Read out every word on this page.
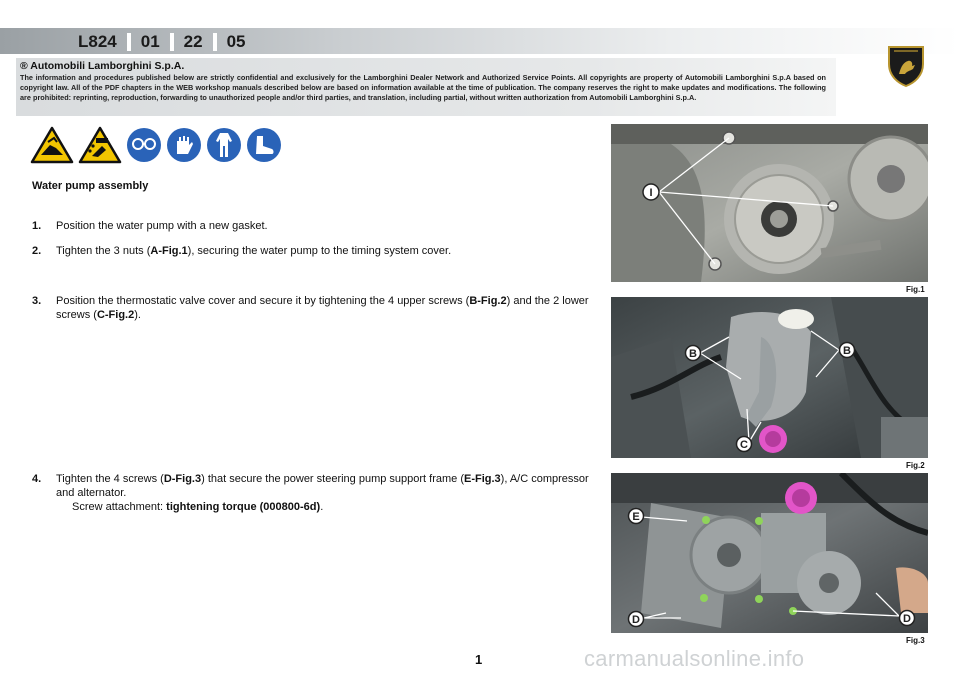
L824	01	22	05
® Automobili Lamborghini S.p.A.
The information and procedures published below are strictly confidential and exclusively for the Lamborghini Dealer Network and Authorized Service Points. All copyrights are property of Automobili Lamborghini S.p.A based on copyright law. All of the PDF chapters in the WEB workshop manuals described below are based on information available at the time of publication. The company reserves the right to make updates and modifications. The following are prohibited: reprinting, reproduction, forwarding to unauthorized people and/or third parties, and translation, including partial, without written authorization from Automobili Lamborghini S.p.A.
Water pump assembly
1. Position the water pump with a new gasket.
2. Tighten the 3 nuts (A-Fig.1), securing the water pump to the timing system cover.
3. Position the thermostatic valve cover and secure it by tightening the 4 upper screws (B-Fig.2) and the 2 lower screws (C-Fig.2).
4. Tighten the 4 screws (D-Fig.3) that secure the power steering pump support frame (E-Fig.3), A/C compressor and alternator.
Screw attachment: tightening torque (000800-6d).
I
Fig.1
B	B
C
Fig.2
E
D	D
Fig.3
1	carmanualsonline.info
